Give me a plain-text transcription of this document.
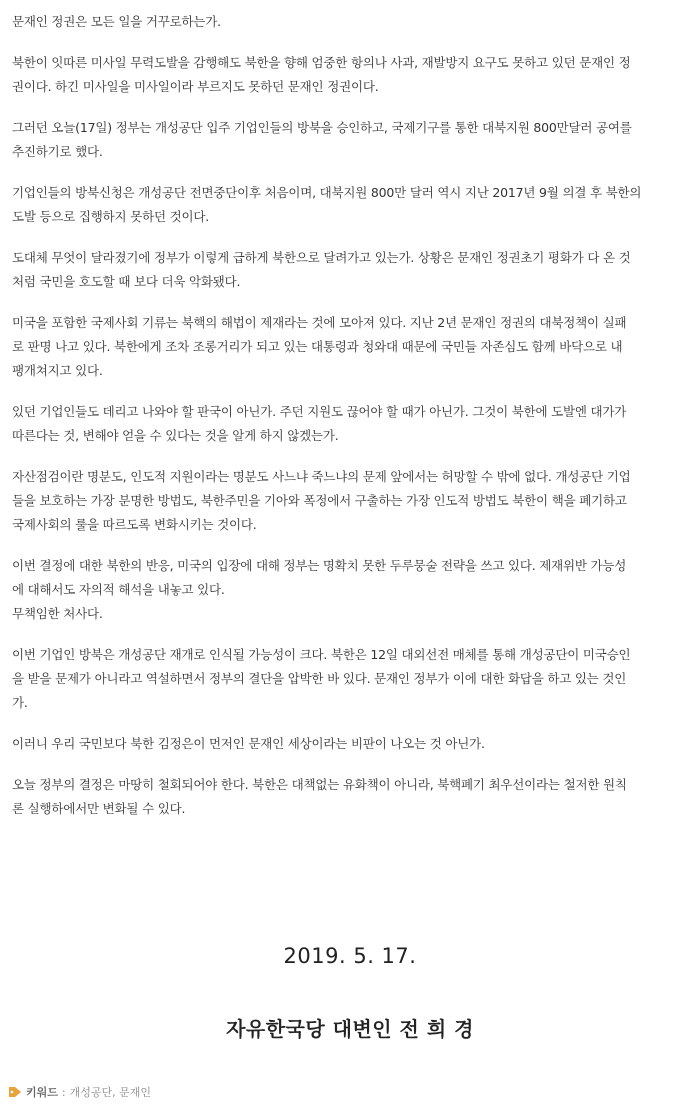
문재인 정권은 모든 일을 거꾸로하는가.

북한이 잇따른 미사일 무력도발을 감행해도 북한을 향해 엄중한 항의나 사과, 재발방지 요구도 못하고 있던 문재인 정
권이다. 하긴 미사일을 미사일이라 부르지도 못하던 문재인 정권이다.

그러던 오늘(17일) 정부는 개성공단 입주 기업인들의 방북을 승인하고, 국제기구를 통한 대북지원 800만달러 공여를
추진하기로 했다.

기업인들의 방북신청은 개성공단 전면중단이후 처음이며, 대북지원 800만 달러 역시 지난 2017년 9월 의결 후 북한의
도발 등으로 집행하지 못하던 것이다.

도대체 무엇이 달라졌기에 정부가 이렇게 급하게 북한으로 달려가고 있는가. 상황은 문재인 정권초기 평화가 다 온 것
처럼 국민을 호도할 때 보다 더욱 악화됐다.

미국을 포함한 국제사회 기류는 북핵의 해법이 제재라는 것에 모아져 있다. 지난 2년 문재인 정권의 대북정책이 실패
로 판명 나고 있다. 북한에게 조차 조롱거리가 되고 있는 대통령과 청와대 때문에 국민들 자존심도 함께 바닥으로 내
팽개쳐지고 있다.

있던 기업인들도 데리고 나와야 할 판국이 아닌가. 주던 지원도 끊어야 할 때가 아닌가. 그것이 북한에 도발엔 대가가
따른다는 것, 변해야 얻을 수 있다는 것을 알게 하지 않겠는가.

자산점검이란 명분도, 인도적 지원이라는 명분도 사느냐 죽느냐의 문제 앞에서는 허망할 수 밖에 없다. 개성공단 기업
들을 보호하는 가장 분명한 방법도, 북한주민을 기아와 폭정에서 구출하는 가장 인도적 방법도 북한이 핵을 폐기하고
국제사회의 룰을 따르도록 변화시키는 것이다.

이번 결정에 대한 북한의 반응, 미국의 입장에 대해 정부는 명확치 못한 두루뭉술 전략을 쓰고 있다. 제재위반 가능성
에 대해서도 자의적 해석을 내놓고 있다.
무책임한 처사다.

이번 기업인 방북은 개성공단 재개로 인식될 가능성이 크다. 북한은 12일 대외선전 매체를 통해 개성공단이 미국승인
을 받을 문제가 아니라고 역설하면서 정부의 결단을 압박한 바 있다. 문재인 정부가 이에 대한 화답을 하고 있는 것인
가.

이러니 우리 국민보다 북한 김정은이 먼저인 문재인 세상이라는 비판이 나오는 것 아닌가.

오늘 정부의 결정은 마땅히 철회되어야 한다. 북한은 대책없는 유화책이 아니라, 북핵폐기 최우선이라는 철저한 원칙
론 실행하에서만 변화될 수 있다.

2019. 5. 17.
자유한국당 대변인 전 희 경
키워드 : 개성공단, 문재인
